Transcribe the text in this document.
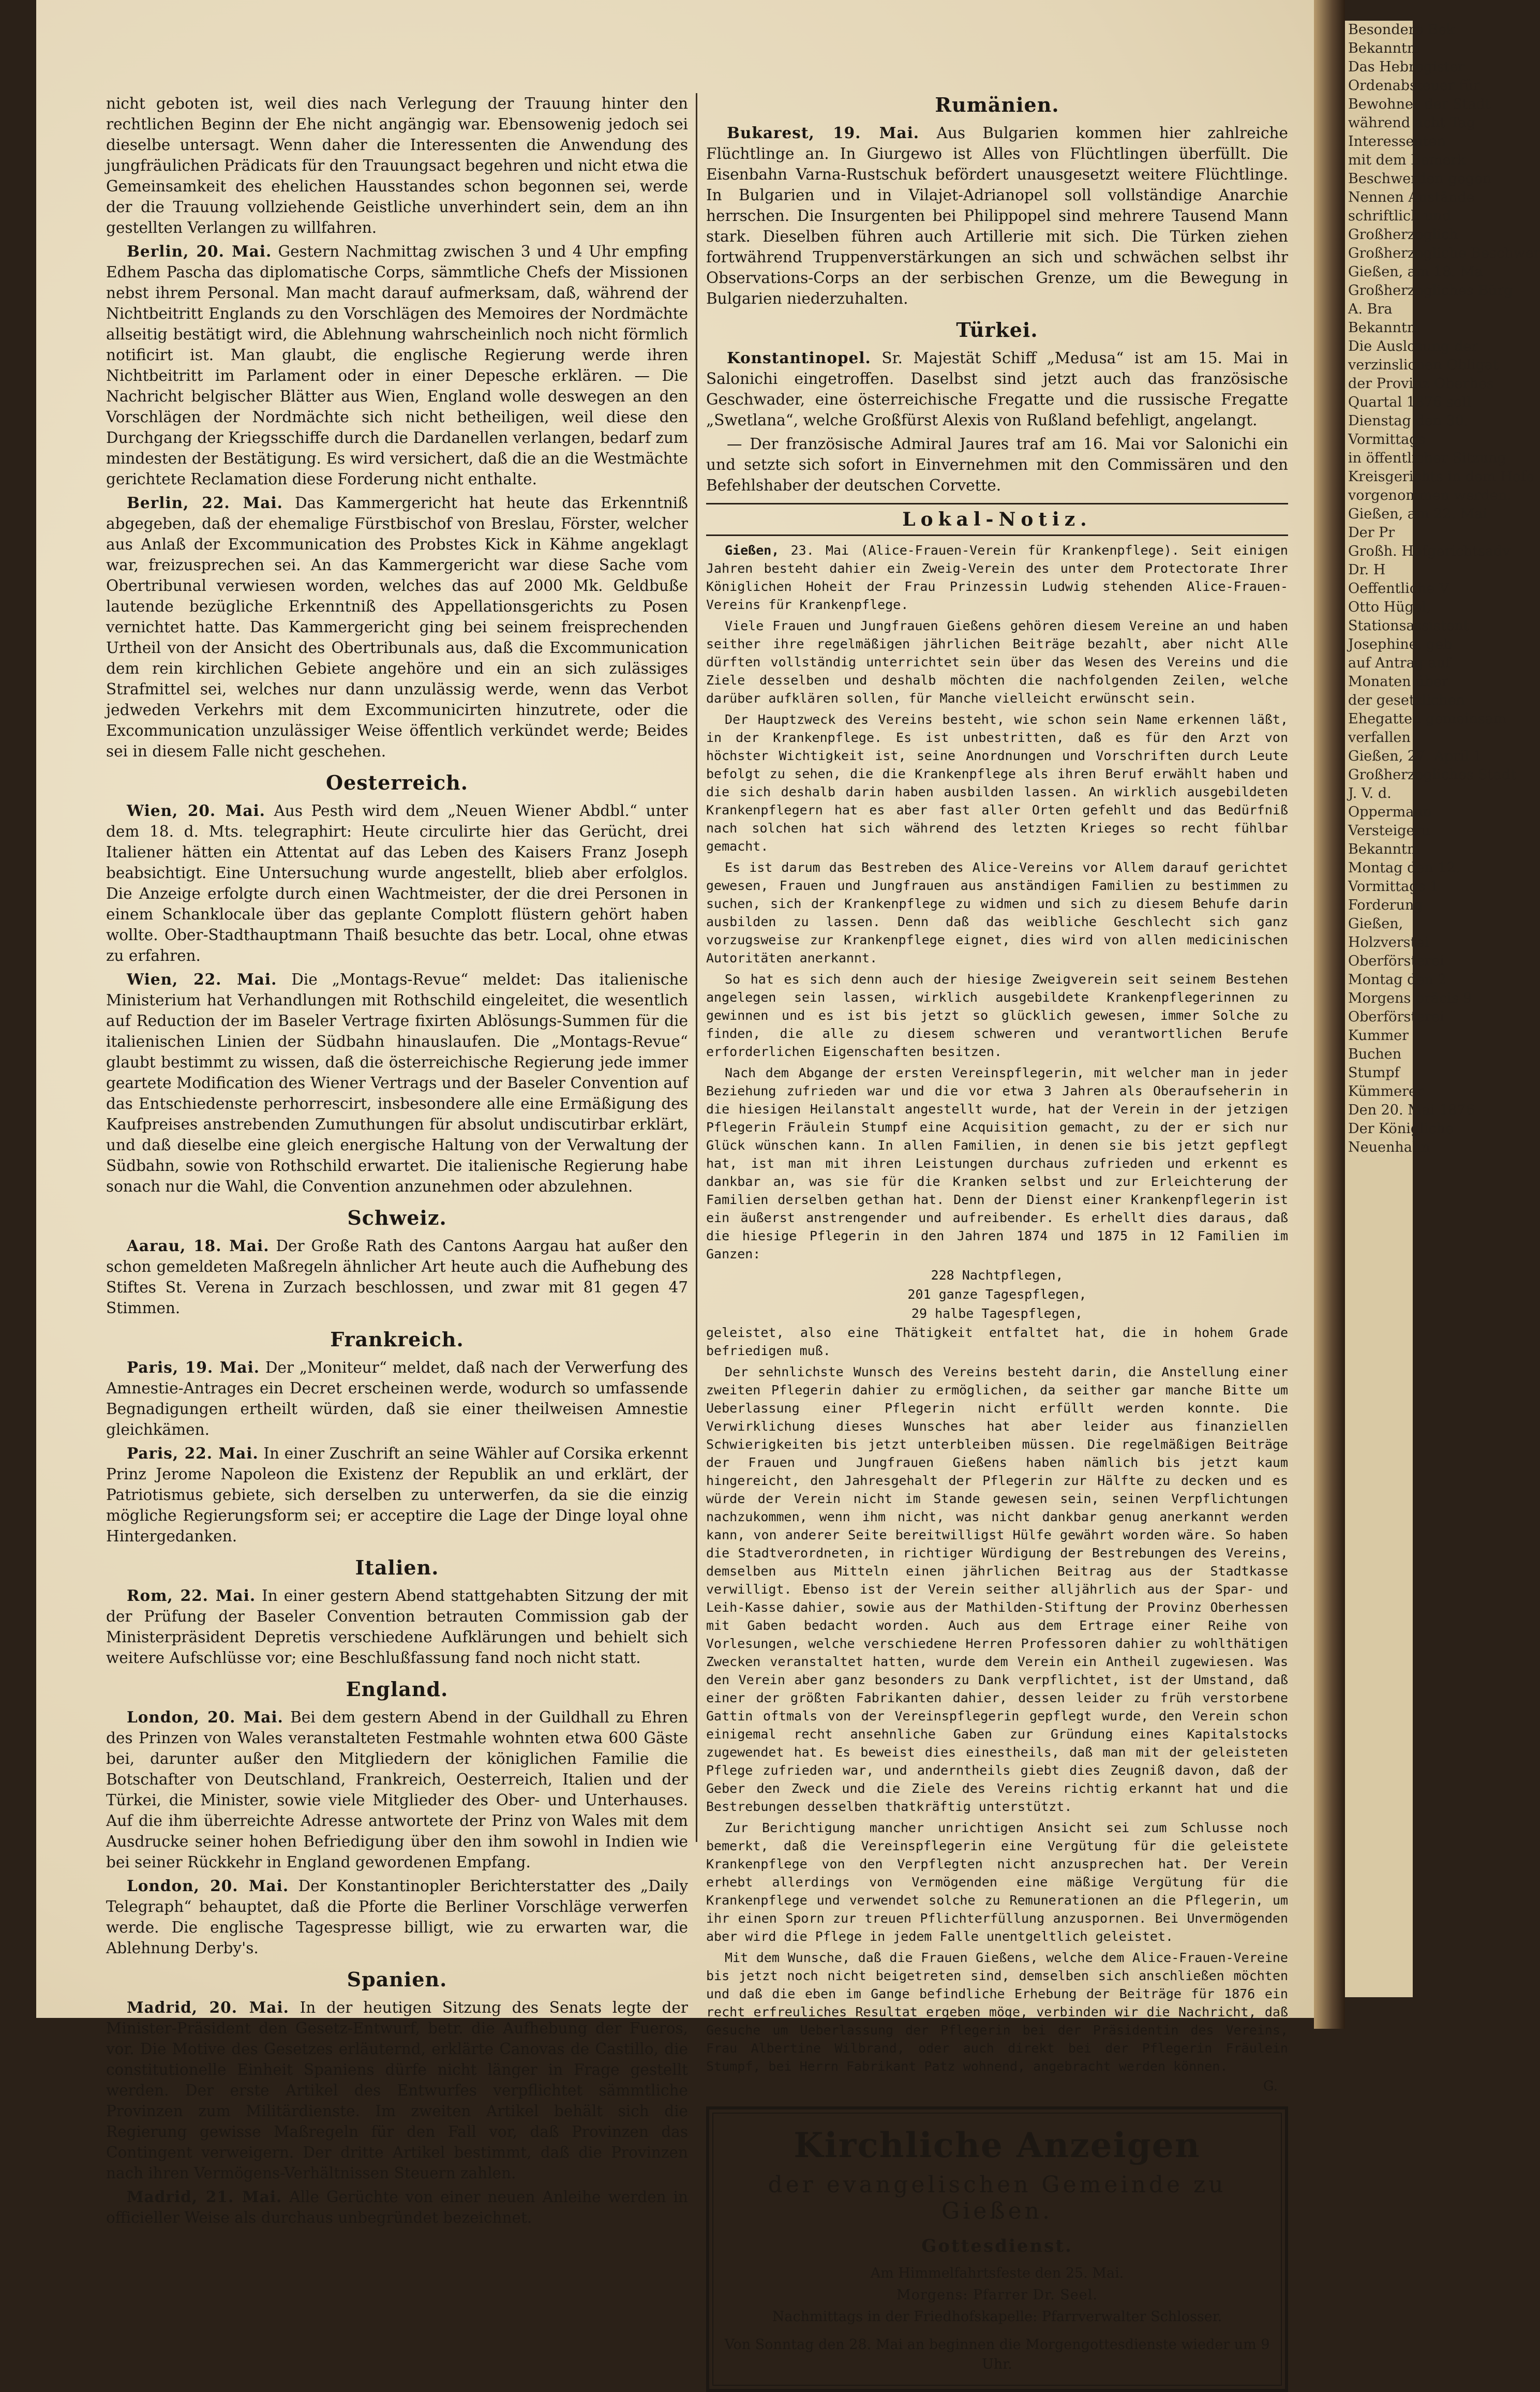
Besondere Bek
Bekanntm
Das Hebregister
Ordenabsteuer für
Bewohner der Stadt
während acht Tag
Interessenten
mit dem Bemerk
Beschwerden gegen
Nennen Anstände
schriftlich und
Großherzoglich
Großherzogliche Beschwer
Gießen, am 18. Ma
Großherzogliches Bürg
A. Bra
Bekanntm
Die Auslosung der
verzinslichen Obligat
der Provinz Oberhes
Quartal 1876 soll
Dienstag den 30.
Vormittags
in öffentlicher Sitzung
Kreisgerichts in dem Hofe
vorgenommen werden.
Gießen, am 22. Mai
Der Pr
Großh. Hofgerichtsadv
Dr. H
Oeffentliche V
Otto Hügel,
Stationsassistent
Josephine, geb
auf Antrag auf
Monaten über
der gesetzlichen
Ehegatten gemeinsam
verfallen
Gießen, 27. April 1
Großherzogliches Stadt
J. V. d.
Oppermann
Versteigeru
Bekanntm
Montag den 12.
Vormittags 1
Forderung
Gießen,
Holzverstei
Oberförsterei
Montag den 2
Morgens präcis 9
Oberförsterei
Kummer
Buchen
Stumpf
Kümmerer
Den 20. Mai 1876
Der Königliche
Neuenhahn

nicht geboten ist, weil dies nach Verlegung der Trauung hinter den rechtlichen Beginn der Ehe nicht angängig war. Ebensowenig jedoch sei dieselbe untersagt. Wenn daher die Interessenten die Anwendung des jungfräulichen Prädicats für den Trauungsact begehren und nicht etwa die Gemeinsamkeit des ehelichen Hausstandes schon begonnen sei, werde der die Trauung vollziehende Geistliche unverhindert sein, dem an ihn gestellten Verlangen zu willfahren.

Berlin, 20. Mai. Gestern Nachmittag zwischen 3 und 4 Uhr empfing Edhem Pascha das diplomatische Corps, sämmtliche Chefs der Missionen nebst ihrem Personal. Man macht darauf aufmerksam, daß, während der Nichtbeitritt Englands zu den Vorschlägen des Memoires der Nordmächte allseitig bestätigt wird, die Ablehnung wahrscheinlich noch nicht förmlich notificirt ist. Man glaubt, die englische Regierung werde ihren Nichtbeitritt im Parlament oder in einer Depesche erklären. — Die Nachricht belgischer Blätter aus Wien, England wolle deswegen an den Vorschlägen der Nordmächte sich nicht betheiligen, weil diese den Durchgang der Kriegsschiffe durch die Dardanellen verlangen, bedarf zum mindesten der Bestätigung. Es wird versichert, daß die an die Westmächte gerichtete Reclamation diese Forderung nicht enthalte.

Berlin, 22. Mai. Das Kammergericht hat heute das Erkenntniß abgegeben, daß der ehemalige Fürstbischof von Breslau, Förster, welcher aus Anlaß der Excommunication des Probstes Kick in Kähme angeklagt war, freizusprechen sei. An das Kammergericht war diese Sache vom Obertribunal verwiesen worden, welches das auf 2000 Mk. Geldbuße lautende bezügliche Erkenntniß des Appellationsgerichts zu Posen vernichtet hatte. Das Kammergericht ging bei seinem freisprechenden Urtheil von der Ansicht des Obertribunals aus, daß die Excommunication dem rein kirchlichen Gebiete angehöre und ein an sich zulässiges Strafmittel sei, welches nur dann unzulässig werde, wenn das Verbot jedweden Verkehrs mit dem Excommunicirten hinzutrete, oder die Excommunication unzulässiger Weise öffentlich verkündet werde; Beides sei in diesem Falle nicht geschehen.

Oesterreich.

Wien, 20. Mai. Aus Pesth wird dem „Neuen Wiener Abdbl.“ unter dem 18. d. Mts. telegraphirt: Heute circulirte hier das Gerücht, drei Italiener hätten ein Attentat auf das Leben des Kaisers Franz Joseph beabsichtigt. Eine Untersuchung wurde angestellt, blieb aber erfolglos. Die Anzeige erfolgte durch einen Wachtmeister, der die drei Personen in einem Schanklocale über das geplante Complott flüstern gehört haben wollte. Ober-Stadthauptmann Thaiß besuchte das betr. Local, ohne etwas zu erfahren.

Wien, 22. Mai. Die „Montags-Revue“ meldet: Das italienische Ministerium hat Verhandlungen mit Rothschild eingeleitet, die wesentlich auf Reduction der im Baseler Vertrage fixirten Ablösungs-Summen für die italienischen Linien der Südbahn hinauslaufen. Die „Montags-Revue“ glaubt bestimmt zu wissen, daß die österreichische Regierung jede immer geartete Modification des Wiener Vertrags und der Baseler Convention auf das Entschiedenste perhorrescirt, insbesondere alle eine Ermäßigung des Kaufpreises anstrebenden Zumuthungen für absolut undiscutirbar erklärt, und daß dieselbe eine gleich energische Haltung von der Verwaltung der Südbahn, sowie von Rothschild erwartet. Die italienische Regierung habe sonach nur die Wahl, die Convention anzunehmen oder abzulehnen.

Schweiz.

Aarau, 18. Mai. Der Große Rath des Cantons Aargau hat außer den schon gemeldeten Maßregeln ähnlicher Art heute auch die Aufhebung des Stiftes St. Verena in Zurzach beschlossen, und zwar mit 81 gegen 47 Stimmen.

Frankreich.

Paris, 19. Mai. Der „Moniteur“ meldet, daß nach der Verwerfung des Amnestie-Antrages ein Decret erscheinen werde, wodurch so umfassende Begnadigungen ertheilt würden, daß sie einer theilweisen Amnestie gleichkämen.

Paris, 22. Mai. In einer Zuschrift an seine Wähler auf Corsika erkennt Prinz Jerome Napoleon die Existenz der Republik an und erklärt, der Patriotismus gebiete, sich derselben zu unterwerfen, da sie die einzig mögliche Regierungsform sei; er acceptire die Lage der Dinge loyal ohne Hintergedanken.

Italien.

Rom, 22. Mai. In einer gestern Abend stattgehabten Sitzung der mit der Prüfung der Baseler Convention betrauten Commission gab der Ministerpräsident Depretis verschiedene Aufklärungen und behielt sich weitere Aufschlüsse vor; eine Beschlußfassung fand noch nicht statt.

England.

London, 20. Mai. Bei dem gestern Abend in der Guildhall zu Ehren des Prinzen von Wales veranstalteten Festmahle wohnten etwa 600 Gäste bei, darunter außer den Mitgliedern der königlichen Familie die Botschafter von Deutschland, Frankreich, Oesterreich, Italien und der Türkei, die Minister, sowie viele Mitglieder des Ober- und Unterhauses. Auf die ihm überreichte Adresse antwortete der Prinz von Wales mit dem Ausdrucke seiner hohen Befriedigung über den ihm sowohl in Indien wie bei seiner Rückkehr in England gewordenen Empfang.

London, 20. Mai. Der Konstantinopler Berichterstatter des „Daily Telegraph“ behauptet, daß die Pforte die Berliner Vorschläge verwerfen werde. Die englische Tagespresse billigt, wie zu erwarten war, die Ablehnung Derby's.

Spanien.

Madrid, 20. Mai. In der heutigen Sitzung des Senats legte der Minister-Präsident den Gesetz-Entwurf, betr. die Aufhebung der Fueros, vor. Die Motive des Gesetzes erläuternd, erklärte Canovas de Castillo, die constitutionelle Einheit Spaniens dürfe nicht länger in Frage gestellt werden. Der erste Artikel des Entwurfes verpflichtet sämmtliche Provinzen zum Militärdienste. Im zweiten Artikel behält sich die Regierung gewisse Maßregeln für den Fall vor, daß Provinzen das Contingent verweigern. Der dritte Artikel bestimmt, daß die Provinzen nach ihren Vermögens-Verhältnissen Steuern zahlen.

Madrid, 21. Mai. Alle Gerüchte von einer neuen Anleihe werden in officieller Weise als durchaus unbegründet bezeichnet.

Rumänien.

Bukarest, 19. Mai. Aus Bulgarien kommen hier zahlreiche Flüchtlinge an. In Giurgewo ist Alles von Flüchtlingen überfüllt. Die Eisenbahn Varna-Rustschuk befördert unausgesetzt weitere Flüchtlinge. In Bulgarien und in Vilajet-Adrianopel soll vollständige Anarchie herrschen. Die Insurgenten bei Philippopel sind mehrere Tausend Mann stark. Dieselben führen auch Artillerie mit sich. Die Türken ziehen fortwährend Truppenverstärkungen an sich und schwächen selbst ihr Observations-Corps an der serbischen Grenze, um die Bewegung in Bulgarien niederzuhalten.

Türkei.

Konstantinopel. Sr. Majestät Schiff „Medusa“ ist am 15. Mai in Salonichi eingetroffen. Daselbst sind jetzt auch das französische Geschwader, eine österreichische Fregatte und die russische Fregatte „Swetlana“, welche Großfürst Alexis von Rußland befehligt, angelangt.

— Der französische Admiral Jaures traf am 16. Mai vor Salonichi ein und setzte sich sofort in Einvernehmen mit den Commissären und den Befehlshaber der deutschen Corvette.

Lokal-Notiz.

Gießen, 23. Mai (Alice-Frauen-Verein für Krankenpflege). Seit einigen Jahren besteht dahier ein Zweig-Verein des unter dem Protectorate Ihrer Königlichen Hoheit der Frau Prinzessin Ludwig stehenden Alice-Frauen-Vereins für Krankenpflege.

Viele Frauen und Jungfrauen Gießens gehören diesem Vereine an und haben seither ihre regelmäßigen jährlichen Beiträge bezahlt, aber nicht Alle dürften vollständig unterrichtet sein über das Wesen des Vereins und die Ziele desselben und deshalb möchten die nachfolgenden Zeilen, welche darüber aufklären sollen, für Manche vielleicht erwünscht sein.

Der Hauptzweck des Vereins besteht, wie schon sein Name erkennen läßt, in der Krankenpflege. Es ist unbestritten, daß es für den Arzt von höchster Wichtigkeit ist, seine Anordnungen und Vorschriften durch Leute befolgt zu sehen, die die Krankenpflege als ihren Beruf erwählt haben und die sich deshalb darin haben ausbilden lassen. An wirklich ausgebildeten Krankenpflegern hat es aber fast aller Orten gefehlt und das Bedürfniß nach solchen hat sich während des letzten Krieges so recht fühlbar gemacht.

Es ist darum das Bestreben des Alice-Vereins vor Allem darauf gerichtet gewesen, Frauen und Jungfrauen aus anständigen Familien zu bestimmen zu suchen, sich der Krankenpflege zu widmen und sich zu diesem Behufe darin ausbilden zu lassen. Denn daß das weibliche Geschlecht sich ganz vorzugsweise zur Krankenpflege eignet, dies wird von allen medicinischen Autoritäten anerkannt.

So hat es sich denn auch der hiesige Zweigverein seit seinem Bestehen angelegen sein lassen, wirklich ausgebildete Krankenpflegerinnen zu gewinnen und es ist bis jetzt so glücklich gewesen, immer Solche zu finden, die alle zu diesem schweren und verantwortlichen Berufe erforderlichen Eigenschaften besitzen.

Nach dem Abgange der ersten Vereinspflegerin, mit welcher man in jeder Beziehung zufrieden war und die vor etwa 3 Jahren als Oberaufseherin in die hiesigen Heilanstalt angestellt wurde, hat der Verein in der jetzigen Pflegerin Fräulein Stumpf eine Acquisition gemacht, zu der er sich nur Glück wünschen kann. In allen Familien, in denen sie bis jetzt gepflegt hat, ist man mit ihren Leistungen durchaus zufrieden und erkennt es dankbar an, was sie für die Kranken selbst und zur Erleichterung der Familien derselben gethan hat. Denn der Dienst einer Krankenpflegerin ist ein äußerst anstrengender und aufreibender. Es erhellt dies daraus, daß die hiesige Pflegerin in den Jahren 1874 und 1875 in 12 Familien im Ganzen:

228 Nachtpflegen,
201 ganze Tagespflegen,
29 halbe Tagespflegen,

geleistet, also eine Thätigkeit entfaltet hat, die in hohem Grade befriedigen muß.

Der sehnlichste Wunsch des Vereins besteht darin, die Anstellung einer zweiten Pflegerin dahier zu ermöglichen, da seither gar manche Bitte um Ueberlassung einer Pflegerin nicht erfüllt werden konnte. Die Verwirklichung dieses Wunsches hat aber leider aus finanziellen Schwierigkeiten bis jetzt unterbleiben müssen. Die regelmäßigen Beiträge der Frauen und Jungfrauen Gießens haben nämlich bis jetzt kaum hingereicht, den Jahresgehalt der Pflegerin zur Hälfte zu decken und es würde der Verein nicht im Stande gewesen sein, seinen Verpflichtungen nachzukommen, wenn ihm nicht, was nicht dankbar genug anerkannt werden kann, von anderer Seite bereitwilligst Hülfe gewährt worden wäre. So haben die Stadtverordneten, in richtiger Würdigung der Bestrebungen des Vereins, demselben aus Mitteln einen jährlichen Beitrag aus der Stadtkasse verwilligt. Ebenso ist der Verein seither alljährlich aus der Spar- und Leih-Kasse dahier, sowie aus der Mathilden-Stiftung der Provinz Oberhessen mit Gaben bedacht worden. Auch aus dem Ertrage einer Reihe von Vorlesungen, welche verschiedene Herren Professoren dahier zu wohlthätigen Zwecken veranstaltet hatten, wurde dem Verein ein Antheil zugewiesen. Was den Verein aber ganz besonders zu Dank verpflichtet, ist der Umstand, daß einer der größten Fabrikanten dahier, dessen leider zu früh verstorbene Gattin oftmals von der Vereinspflegerin gepflegt wurde, den Verein schon einigemal recht ansehnliche Gaben zur Gründung eines Kapitalstocks zugewendet hat. Es beweist dies einestheils, daß man mit der geleisteten Pflege zufrieden war, und anderntheils giebt dies Zeugniß davon, daß der Geber den Zweck und die Ziele des Vereins richtig erkannt hat und die Bestrebungen desselben thatkräftig unterstützt.

Zur Berichtigung mancher unrichtigen Ansicht sei zum Schlusse noch bemerkt, daß die Vereinspflegerin eine Vergütung für die geleistete Krankenpflege von den Verpflegten nicht anzusprechen hat. Der Verein erhebt allerdings von Vermögenden eine mäßige Vergütung für die Krankenpflege und verwendet solche zu Remunerationen an die Pflegerin, um ihr einen Sporn zur treuen Pflichterfüllung anzuspornen. Bei Unvermögenden aber wird die Pflege in jedem Falle unentgeltlich geleistet.

Mit dem Wunsche, daß die Frauen Gießens, welche dem Alice-Frauen-Vereine bis jetzt noch nicht beigetreten sind, demselben sich anschließen möchten und daß die eben im Gange befindliche Erhebung der Beiträge für 1876 ein recht erfreuliches Resultat ergeben möge, verbinden wir die Nachricht, daß Gesuche um Ueberlassung der Pflegerin bei der Präsidentin des Vereins, Frau Albertine Wilbrand, oder auch direkt bei der Pflegerin Fräulein Stumpf, bei Herrn Fabrikant Patz wohnend, angebracht werden können.

G.
Kirchliche Anzeigen
der evangelischen Gemeinde zu Gießen.
Gottesdienst.
Am Himmelfahrtsfeste den 25. Mai.
Morgens: Pfarrer Dr. Seel.
Nachmittags in der Friedhofskapelle: Pfarrverwalter Schlosser.
Von Sonntag den 28. Mai an beginnen die Morgengottesdienste wieder um 9 Uhr.
